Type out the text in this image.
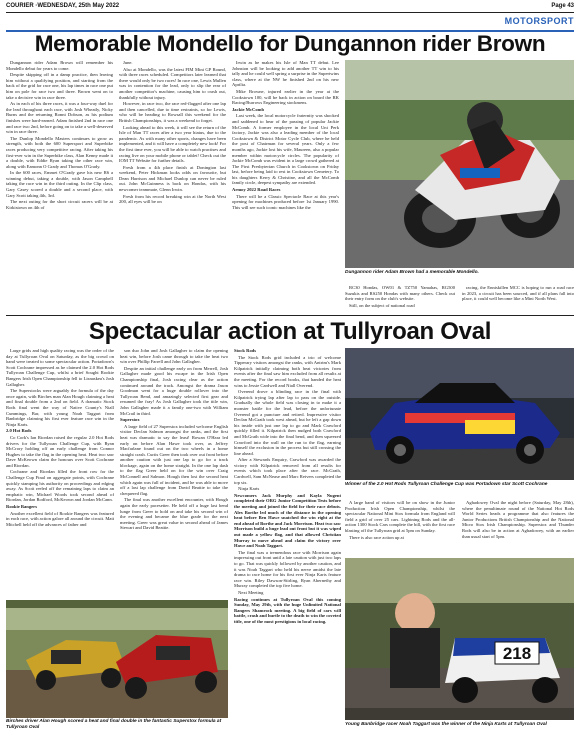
COURIER ·WEDNESDAY, 25th May 2022	Page 43
MOTORSPORT
Memorable Mondello for Dungannon rider Brown

Dungannon rider Adam Brown will remember his Mondello debut for years to come.

Despite skipping off in a damp practice, then leaving him without a qualifying position, and starting from the back of the grid for race one, his lap times in race one put him on pole for race two and three. Brown went on to take a decisive win in race three.

As in each of his three races, it was a four-way duel for the lead throughout each race, with Josh Wheatly, Nicky Burns and the returning Ronni Dobson, as his podium finishes were hard-earned. Adam finished 2nd in race one and race two 2nd, before going on to take a well-deserved win in race three.

The Dunlop Mondello Masters continues to grow as strength, with both the 600 Supersport and Superbike races producing very competitive racing. After taking his first-ever win in the Superbike class, Alan Kenny made it a double, with Eddie Ryan taking the other race win, along with Eamonn O Grady and Thomas O'Grady.

In the 600 races, Emmet O'Grady gave his new R6 a winning debut, taking a double, with Jason Campbell taking the race win in the third outing. In the Clip class, Gary Casey scored a double and a second place, with Gary Scott taking 4th, 3rd.

The next outing for the short circuit racers will be at Kirkistown on 4th of

June.

Also at Mondello, was the latest FIM Mini GP Round, with three races scheduled. Competitors later learned that there would only be two races! In race one, Lewis Mullen was in contention for the lead, only to slip the rear of another competitor's machine, causing him to crash out, thankfully without injury.

However, in race two, the race red-flagged after one lap and then cancelled, due to time restraints, so for Lewis, who will be heading to Rowsall this weekend for the British Championships, it was a weekend to forget.

Looking ahead to this week, it will see the return of the Isle of Man TT races after a two year hiatus, due to the pandemic. As with many other sports, changes have been implemented, and it will have a completely new look! For the first time ever, you will be able to watch practises and racing live on your mobile phone or tablet! Check out the IOM TT Website for further details.

Fresh from a 4th place finish at Donington last weekend, Peter Hickman looks odds on favourite, but Dean Harrison and Michael Dunlop can never be ruled out. John McGuinness is back on Hondas, with his newcomer teammate, Glenn Irwin.

Fresh from his record breaking win at the North West 200, all eyes will be on

Irwin as he makes his Isle of Man TT debut. Lee Johnston will be looking to add another TT win to his tally and he could well spring a surprise in the Supertwins class, where at the NW he finished 2nd on his new Aprilia.

Mike Browne, injured earlier in the year at the Cookstown 100, will be back in action on board the RK Racing/Burrows Engineering stockmens.

Jackie McComb

Last week, the local motorcycle fraternity was shocked and saddened to hear of the passing of popular Jackie McComb. A former employee in the local Uni Perk factory, Jackie was also a leading member of the local Cookstown & District Motor Cycle Club, where he held the post of Chairman for several years. Only a few months ago, Jackie lost his wife, Maureen, also a popular member within motorcycle circles. The popularity of Jackie McComb was evident in a large crowd gathered at The First Presbyterian Church in Cookstown on Friday last, before being laid to rest in Cookstown Cemetery. To his daughters Kerry & Christine, and all the McComb family circle, deepest sympathy are extended.

Armoy 2022 Road Races

There will be a Classic Spectacle Race at this year's opening for machines produced before 1st January 1990. This will see such iconic machines like the

Dungannon rider Adam Brown had a memorable Mondello.

RC30 Hondas, OW01 & TZ750 Yamahas, RG500 Suzukis and RS250 Hondas with many others. Check out their entry form on the club's website.

Still, on the subject of national road

racing, the Enniskillen MCC is hoping to run a road race in 2023, a circuit has been sourced, and if all plans fall into place, it could well become like a Mini North West.

Spectacular action at Tullyroan Oval

Large grids and high quality racing was the order of the day at Tullyroan Oval on Saturday, as the big crowd on hand were treated to some spectacular action. Portadown's Scott Cochrane impressed as he claimed the 2.0 Hot Rods Tullyroan Challenge Cup, whilst a brief Sought Rookie Bangers Irish Open Championship fell to Lisnaskea's Josh Gallagher.

The Superstocks were arguably the formula of the day once again, with Birches man Alan Hough claiming a heat and final double from a 2nd on field. A dramatic Stock Rods final went the way of Native County's Niall Cummings, Bar, with young Noah Taggart from Banbridge claiming his first ever feature race win in the Ninja Karts.

2.0 Hot Rods

Co Cork's Ian Riordan raised the regular 2.0 Hot Rods drivers for the Tullyroan Challenge Cup, with Ryan McCrory holding off an early challenge from Connor Hughes to take the flag in the opening heat. Heat two saw Dave McKeown claim the honours over Scott Cochrane and Riordan.

Cochrane and Riordan filled the front row for the Challenge Cup Final on aggregate points, with Cochrane quickly stamping his authority on proceedings and edging away. As Scott reeled off the remaining laps to claim an emphatic win, Michael Woods took second ahead of Riordan, Jordan Rodford, McKeown and Jordan McCann.

Rookie Bangers

Another excellent field of Rookie Bangers was featured in each race, with action galore all around the circuit. Matt Mitchell held off the advances of father and

son duo John and Josh Gallagher to claim the opening heat win, before Josh came through to take the heat two win over Phillip Farrell and John Gallagher.

Despite an initial challenge early on from Merrell, Josh Gallagher made good his escape in the Irish Open Championship final, Josh racing clear as the action continued around the track. Amongst the drama Jason Goodman went for a huge double rollover into the Tullyroan Bend, and amazingly selected first gear and resumed the fray! As Josh Gallagher took the title win, John Gallagher made it a family one-two with William McCrail in third.

Superstox

A large field of 27 Superstox included welcome English visitor Declan Salmon amongst the ranks, and the first heat was dramatic to say the least! Rowan O'Hara led early on before Alan Hawe took over, as Jeffrey Macfarlane found out on the two wheels in a home straight crash. Curtis Greer then took over out front before another caution with just one lap to go for a track blockage, again on the home straight. In the one lap dash to the flag Greer held on for the win over Craig McConnell and Salmon. Hough then lost the second heat which again was full of incident, and he was able to move off a last lap challenge from David Beattie to take the chequered flag.

The final was another excellent encounter, with Hough again the early pacesetter. He held off a huge last bend lunge from Greer to hold on and take his second win of the evening and became the blue grade for the next meeting. Greer was great value in second ahead of James Stewart and David Beattie.

Stock Rods

The Stock Rods grid included a trio of welcome Tipperary visitors amongst the ranks, with Antrim's Mark Kilpatrick initially claiming both heat victories from events after the final saw him excluded from all results at the meeting. For the record books, that handed the heat wins to Jessie Cardwell and Niall Overend.

Overend drove a blinding race in the final with Kilpatrick trying lap after lap to pass on the outside. Gradually the whole field was closing in to make it a monster battle for the lead, before the unfortunate Overend got a puncture and retired. Impressive visitor Declan McGrath took west ahead, but he left a gap down his inside with just one lap to go and Mark Crawford quickly filled it. Kilpatrick then nudged both Crawford and McGrath wide into the final bend, and then squeezed Crawford into the wall on the run to the flag, earning himself the exclusion in the process but still crossing the line ahead.

After a Stewards Enquiry, Crawford was awarded the victory with Kilpatrick removed from all results for events which took place after the race. McGrath, Cardwell, Sam McNease and Marc Reivers completed the top six.

Ninja Karts

Newcomers Jack Murphy and Kayla Nugent completed their ORG Junior Competition Tests before the meeting and joined the field for their race debuts. Alex Borthe led much of the distance in the opening heat before Ben Hawe snatched the win right at the end ahead of Borthe and Jack Morrison. Heat two saw Morrison build a huge lead out front but it was wiped out made a yellow flag, and that allowed Christian Murray to move ahead and claim the victory over Hawe and Noah Taggart.

The final was a tremendous race with Morrison again impressing out front until a late caution with just two laps to go. That was quickly followed by another caution, and it was Noah Taggart who held his nerve amidst the late drama to race home for his first ever Ninja Karts feature race win. Riley Dawson-Stirling, Ryan Abernethy and Murray completed the top five home.

Next Meeting

Racing continues at Tullyroan Oval this coming Sunday, May 29th, with the huge Unlimited National Bangers Shamrock meeting. A big field of cars will battle, crash and hurtle to the death to win the coveted title, one of the most prestigious in local racing.

Birches driver Alan Hough scored a heat and final double in the fantastic Superstox formula at Tullyroan Oval
Winner of the 2.0 Hot Rods Tullyroan Challenge Cup was Portadown star Scott Cochrane

A large band of visitors will be on show in the Junior Production Irish Open Championship, whilst the spectacular National Mini Stox formula from England will field a grid of over 25 cars. Lightning Rods and the all-action 1300 Stock Cars complete the bill, with the first race blasting off the Tullyroan grid at 5pm on Sunday.

There is also race action up at

Aghadowey Oval the night before (Saturday, May 28th), where the penultimate round of the National Hot Rods World Series heads a programme that also features the Junior Productions British Championship and the National Micro Stox Irish Championship. Superstox and Thunder Rods will also be in action at Aghadowey, with an earlier than usual start of 5pm.

218
Young Banbridge racer Noah Taggart was the winner of the Ninja Karts at Tullyroan Oval
